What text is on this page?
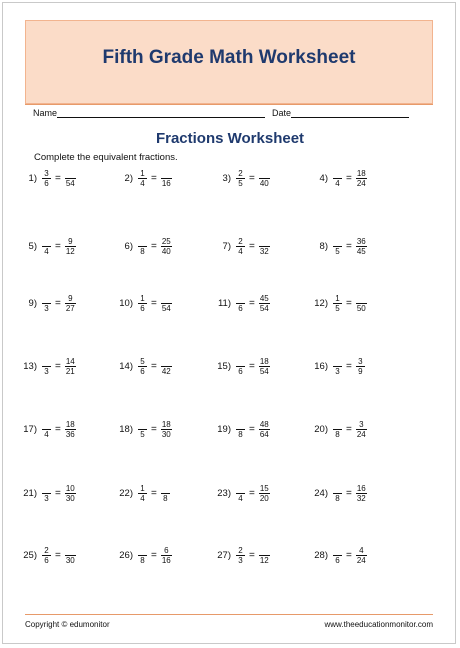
Fifth Grade Math Worksheet
Name	Date
Fractions Worksheet
Complete the equivalent fractions.
$1) \frac{3}{6} = 54$	$2) \frac{1}{4} = 16$	$3) \frac{2}{5} = 40$	4) $4 = \frac{18}{24}$
5) $4 = \frac{9}{12}$	6) $8 = \frac{25}{40}$	$7) \frac{2}{4} = 32$	8) $5 = \frac{36}{45}$
9) $3 = \frac{9}{27}$	$10) \frac{1}{6} = 54$	11) $6 = \frac{45}{54}$	$12) \frac{1}{5} = 50$
13) $3 = \frac{14}{21}$	$14) \frac{5}{6} = 42$	15) $6 = \frac{18}{54}$	16) $3 = \frac{3}{9}$
17) $4 = \frac{18}{36}$	18) $5 = \frac{18}{30}$	19) $8 = \frac{48}{64}$	20) $8 = \frac{3}{24}$
21) $3 = \frac{10}{30}$	$22) \frac{1}{4} = 8$	23) $4 = \frac{15}{20}$	24) $8 = \frac{16}{32}$
$25) \frac{2}{6} = 30$	26) $8 = \frac{6}{16}$	$27) \frac{2}{3} = 12$	28) $6 = \frac{4}{24}$
Copyright © edumonitor	www.theeducationmonitor.com
